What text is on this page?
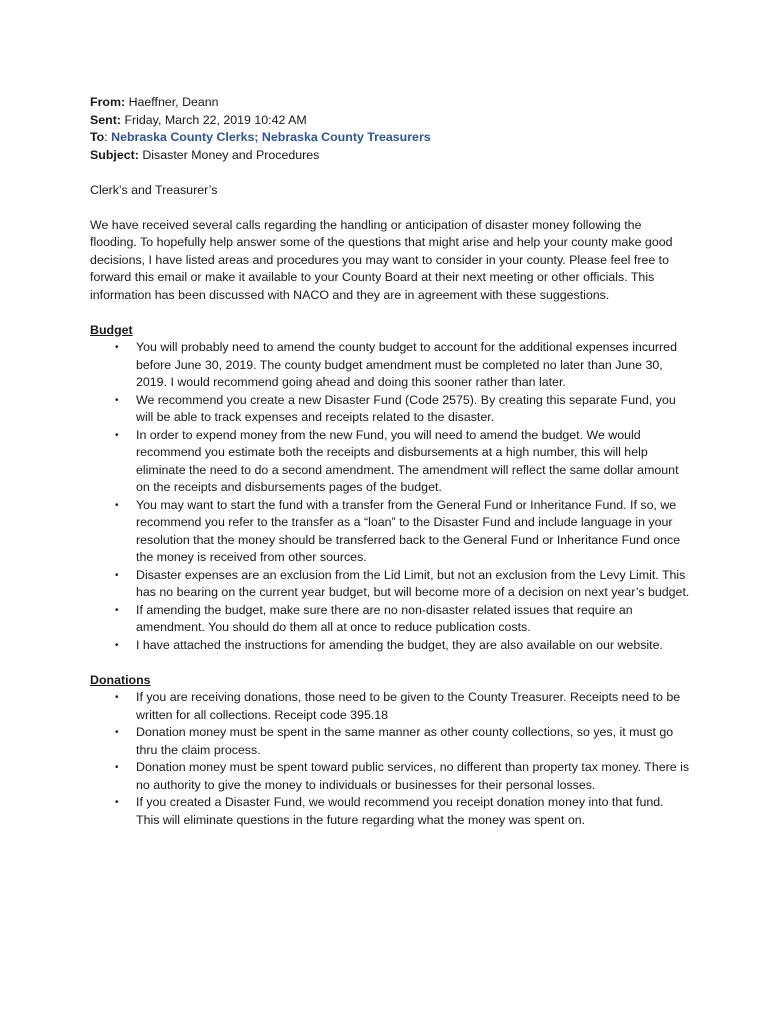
From: Haeffner, Deann
Sent: Friday, March 22, 2019 10:42 AM
To: Nebraska County Clerks; Nebraska County Treasurers
Subject: Disaster Money and Procedures

Clerk’s and Treasurer’s

We have received several calls regarding the handling or anticipation of disaster money following the flooding. To hopefully help answer some of the questions that might arise and help your county make good decisions, I have listed areas and procedures you may want to consider in your county. Please feel free to forward this email or make it available to your County Board at their next meeting or other officials. This information has been discussed with NACO and they are in agreement with these suggestions.

Budget
• You will probably need to amend the county budget to account for the additional expenses incurred before June 30, 2019. The county budget amendment must be completed no later than June 30, 2019. I would recommend going ahead and doing this sooner rather than later.
• We recommend you create a new Disaster Fund (Code 2575). By creating this separate Fund, you will be able to track expenses and receipts related to the disaster.
• In order to expend money from the new Fund, you will need to amend the budget. We would recommend you estimate both the receipts and disbursements at a high number, this will help eliminate the need to do a second amendment. The amendment will reflect the same dollar amount on the receipts and disbursements pages of the budget.
• You may want to start the fund with a transfer from the General Fund or Inheritance Fund. If so, we recommend you refer to the transfer as a “loan” to the Disaster Fund and include language in your resolution that the money should be transferred back to the General Fund or Inheritance Fund once the money is received from other sources.
• Disaster expenses are an exclusion from the Lid Limit, but not an exclusion from the Levy Limit. This has no bearing on the current year budget, but will become more of a decision on next year’s budget.
• If amending the budget, make sure there are no non-disaster related issues that require an amendment. You should do them all at once to reduce publication costs.
• I have attached the instructions for amending the budget, they are also available on our website.
Donations
• If you are receiving donations, those need to be given to the County Treasurer. Receipts need to be written for all collections. Receipt code 395.18
• Donation money must be spent in the same manner as other county collections, so yes, it must go thru the claim process.
• Donation money must be spent toward public services, no different than property tax money. There is no authority to give the money to individuals or businesses for their personal losses.
• If you created a Disaster Fund, we would recommend you receipt donation money into that fund. This will eliminate questions in the future regarding what the money was spent on.
